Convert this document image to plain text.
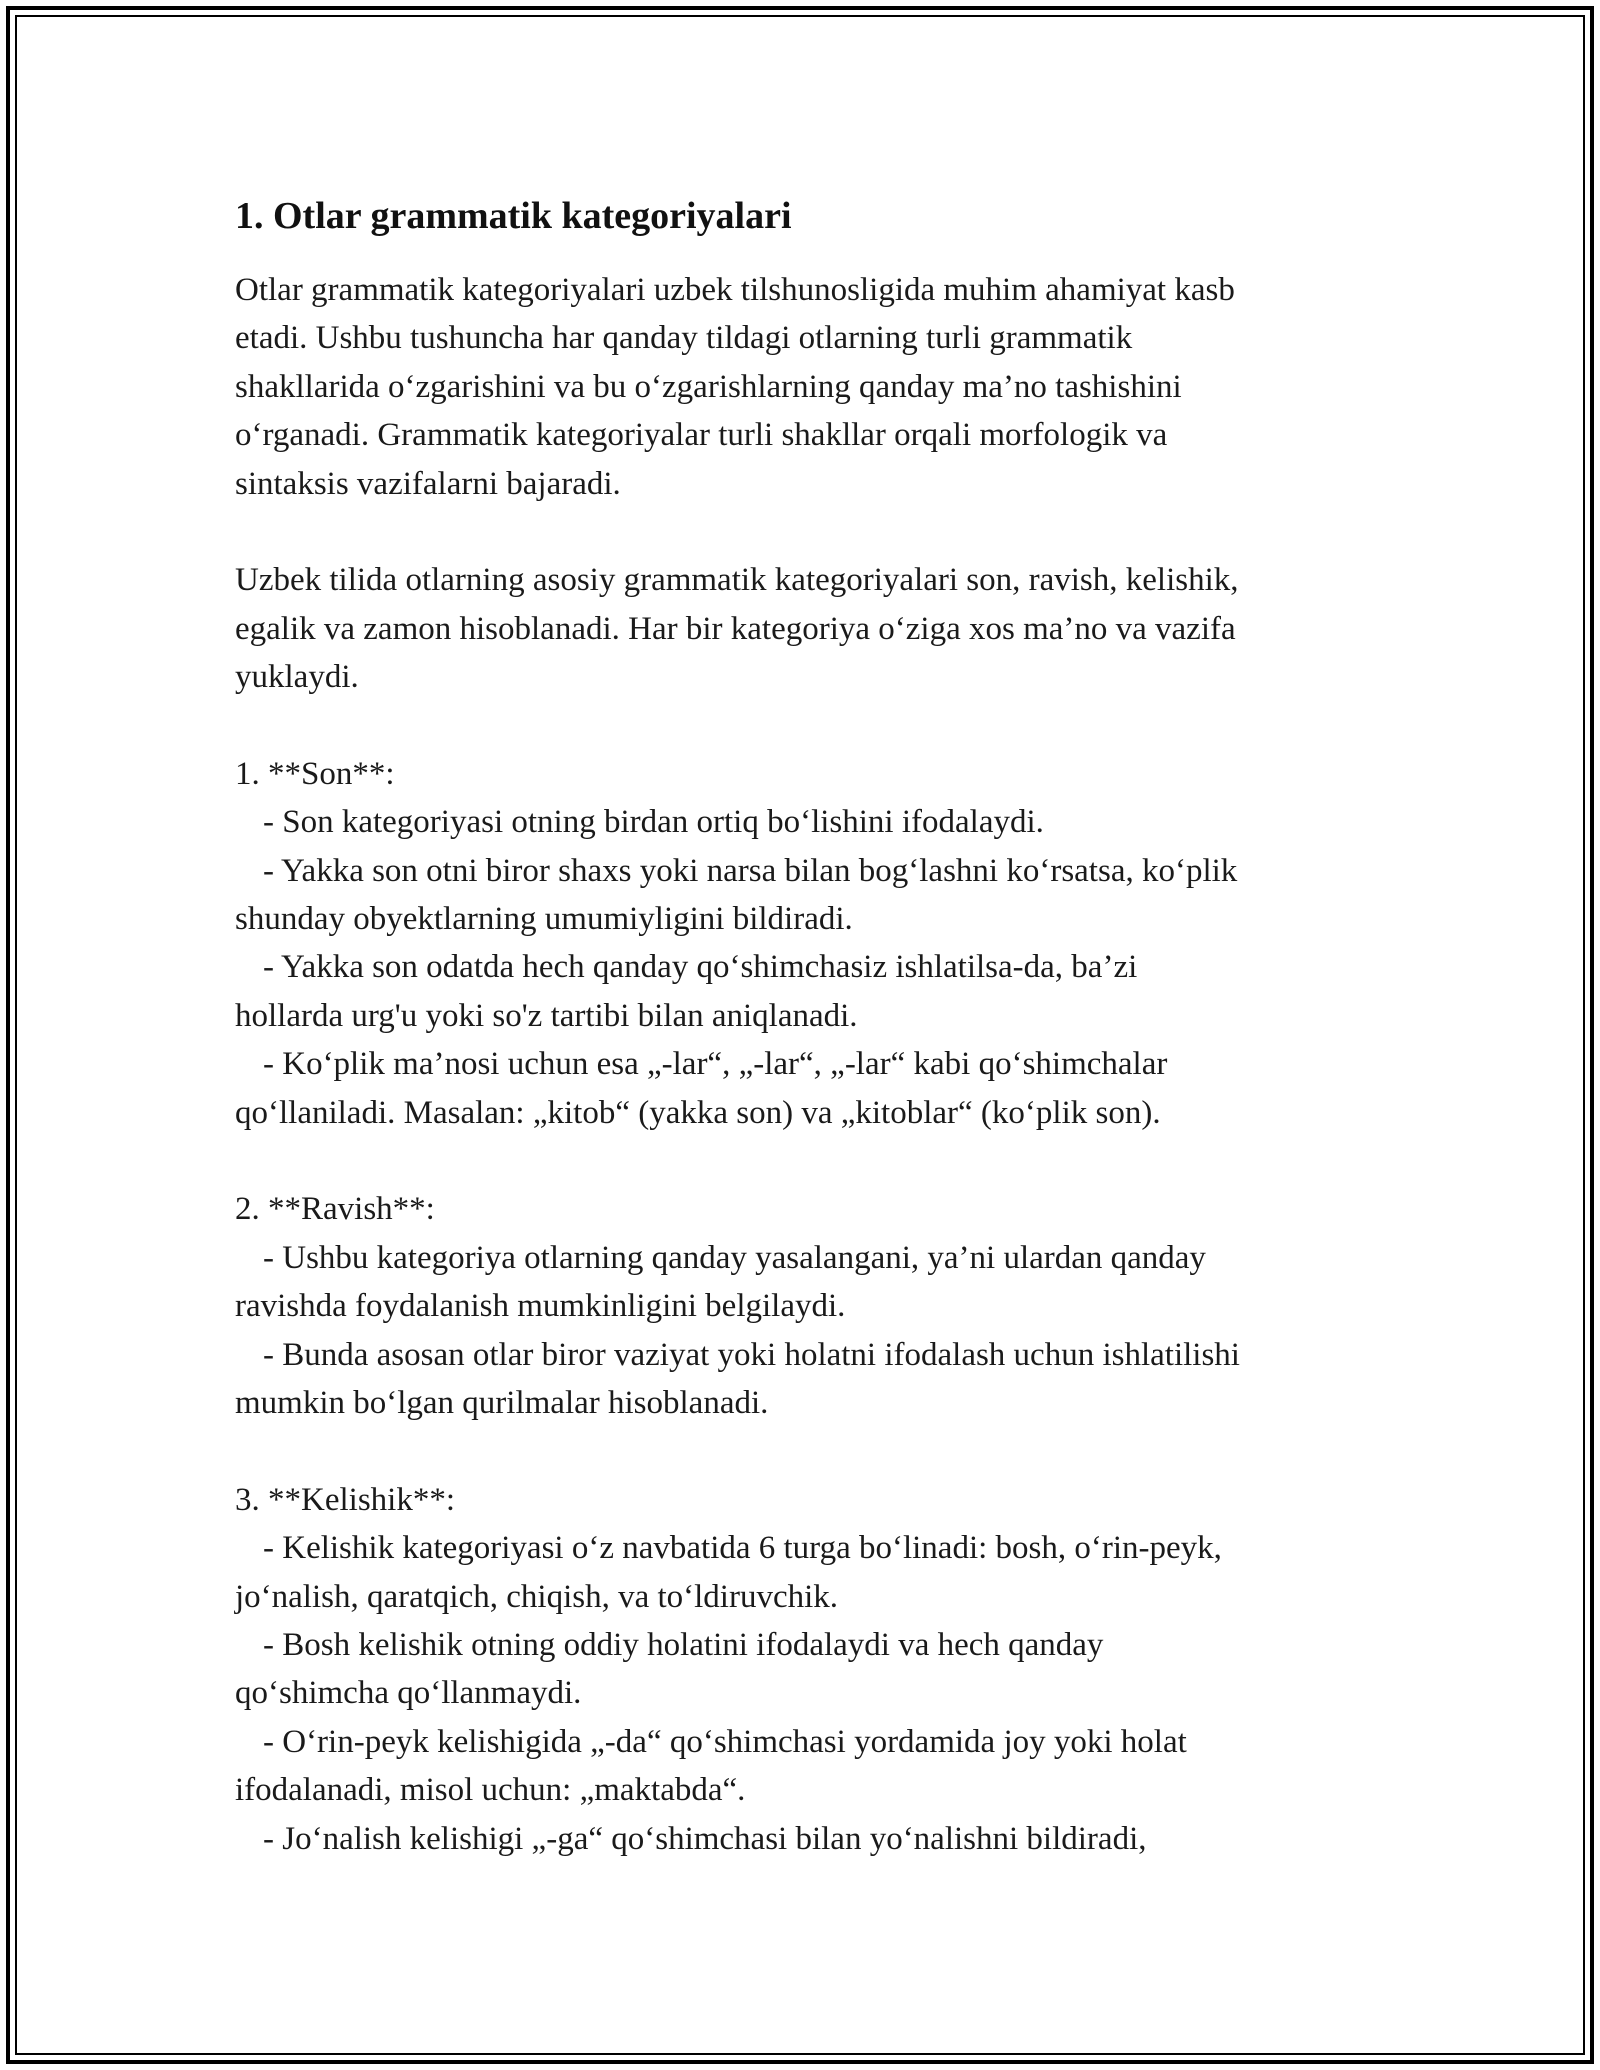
1. Otlar grammatik kategoriyalari
Otlar grammatik kategoriyalari uzbek tilshunosligida muhim ahamiyat kasb
etadi. Ushbu tushuncha har qanday tildagi otlarning turli grammatik
shakllarida o‘zgarishini va bu o‘zgarishlarning qanday ma’no tashishini
o‘rganadi. Grammatik kategoriyalar turli shakllar orqali morfologik va
sintaksis vazifalarni bajaradi.
Uzbek tilida otlarning asosiy grammatik kategoriyalari son, ravish, kelishik,
egalik va zamon hisoblanadi. Har bir kategoriya o‘ziga xos ma’no va vazifa
yuklaydi.
1. **Son**:
- Son kategoriyasi otning birdan ortiq bo‘lishini ifodalaydi.
- Yakka son otni biror shaxs yoki narsa bilan bog‘lashni ko‘rsatsa, ko‘plik
shunday obyektlarning umumiyligini bildiradi.
- Yakka son odatda hech qanday qo‘shimchasiz ishlatilsa-da, ba’zi
hollarda urg'u yoki so'z tartibi bilan aniqlanadi.
- Ko‘plik ma’nosi uchun esa „-lar“, „-lar“, „-lar“ kabi qo‘shimchalar
qo‘llaniladi. Masalan: „kitob“ (yakka son) va „kitoblar“ (ko‘plik son).
2. **Ravish**:
- Ushbu kategoriya otlarning qanday yasalangani, ya’ni ulardan qanday
ravishda foydalanish mumkinligini belgilaydi.
- Bunda asosan otlar biror vaziyat yoki holatni ifodalash uchun ishlatilishi
mumkin bo‘lgan qurilmalar hisoblanadi.
3. **Kelishik**:
- Kelishik kategoriyasi o‘z navbatida 6 turga bo‘linadi: bosh, o‘rin-peyk,
jo‘nalish, qaratqich, chiqish, va to‘ldiruvchik.
- Bosh kelishik otning oddiy holatini ifodalaydi va hech qanday
qo‘shimcha qo‘llanmaydi.
- O‘rin-peyk kelishigida „-da“ qo‘shimchasi yordamida joy yoki holat
ifodalanadi, misol uchun: „maktabda“.
- Jo‘nalish kelishigi „-ga“ qo‘shimchasi bilan yo‘nalishni bildiradi,
